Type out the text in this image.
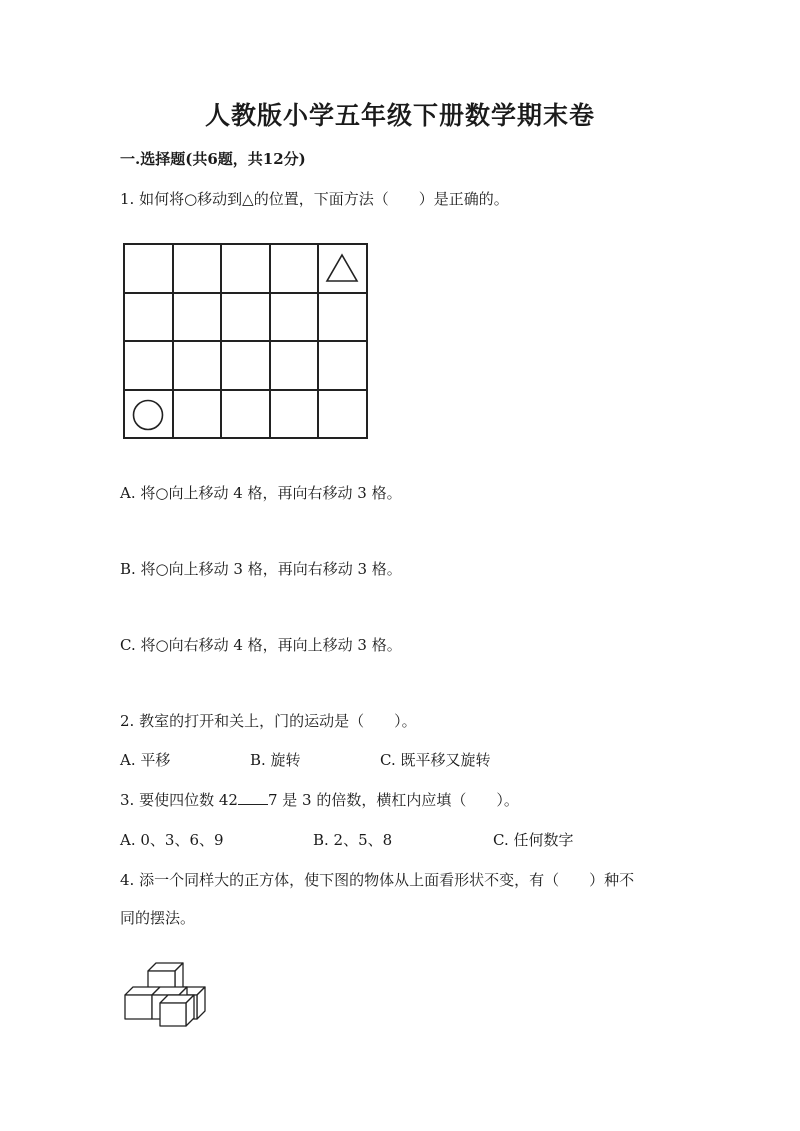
人教版小学五年级下册数学期末卷
一.选择题(共6题，共12分)
1. 如何将○移动到△的位置，下面方法（　　）是正确的。
A. 将○向上移动 4 格，再向右移动 3 格。
B. 将○向上移动 3 格，再向右移动 3 格。
C. 将○向右移动 4 格，再向上移动 3 格。
2. 教室的打开和关上，门的运动是（　　）。
A. 平移	B. 旋转	C. 既平移又旋转
3. 要使四位数 42 7 是 3 的倍数，横杠内应填（　　）。
A. 0、3、6、9	B. 2、5、8	C. 任何数字
4. 添一个同样大的正方体，使下图的物体从上面看形状不变，有（　　）种不
同的摆法。
